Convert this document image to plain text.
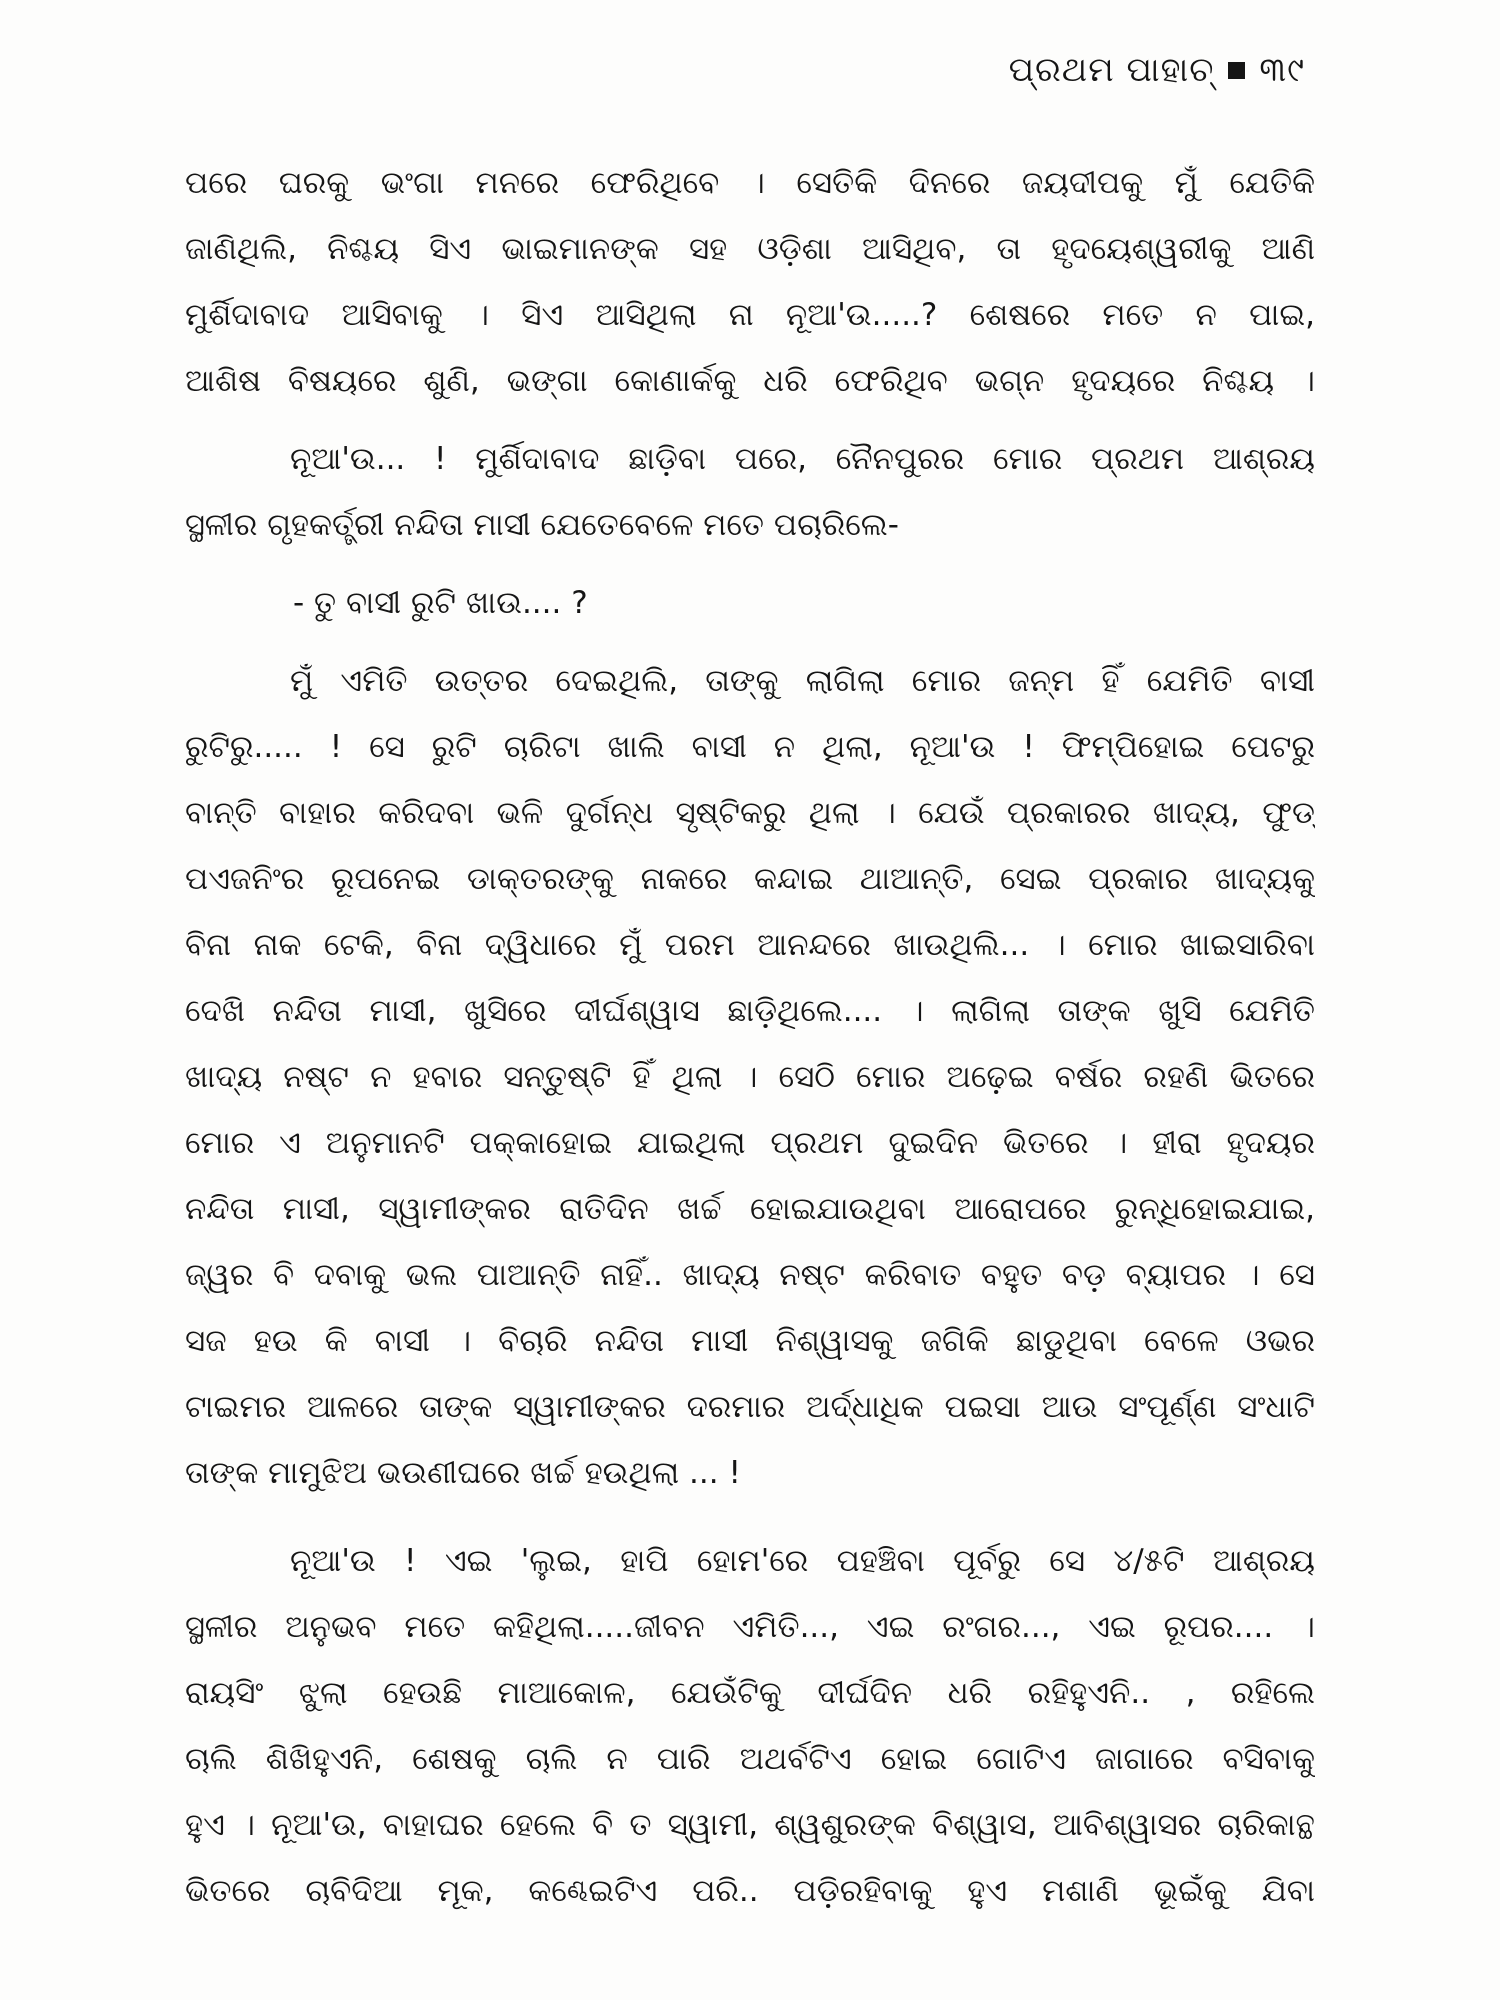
ପ୍ରଥମ ପାହାଚ୍ ୩୯
ପରେ ଘରକୁ ଭଂଗା ମନରେ ଫେରିଥିବେ । ସେତିକି ଦିନରେ ଜୟଦୀପକୁ ମୁଁ ଯେତିକି
ଜାଣିଥିଲି, ନିଶ୍ଚୟ ସିଏ ଭାଇମାନଙ୍କ ସହ ଓଡ଼ିଶା ଆସିଥିବ, ତା ହୃଦୟେଶ୍ୱରୀକୁ ଆଣି
ମୁର୍ଶିଦାବାଦ ଆସିବାକୁ । ସିଏ ଆସିଥିଲା ନା ନୂଆ'ଉ.....? ଶେଷରେ ମତେ ନ ପାଇ,
ଆଶିଷ ବିଷୟରେ ଶୁଣି, ଭଙ୍ଗା କୋଣାର୍କକୁ ଧରି ଫେରିଥିବ ଭଗ୍ନ ହୃଦୟରେ ନିଶ୍ଚୟ ।
ନୂଆ'ଉ... ! ମୁର୍ଶିଦାବାଦ ଛାଡ଼ିବା ପରେ, ନୈନପୁରର ମୋର ପ୍ରଥମ ଆଶ୍ରୟ
ସ୍ଥଳୀର ଗୃହକର୍ତ୍ତ୍ରୀ ନନ୍ଦିତା ମାସୀ ଯେତେବେଳେ ମତେ ପଚାରିଲେ-
- ତୁ ବାସୀ ରୁଟି ଖାଉ.... ?
ମୁଁ ଏମିତି ଉତ୍ତର ଦେଇଥିଲି, ତାଙ୍କୁ ଲାଗିଲା ମୋର ଜନ୍ମ ହିଁ ଯେମିତି ବାସୀ
ରୁଟିରୁ..... ! ସେ ରୁଟି ଚାରିଟା ଖାଲି ବାସୀ ନ ଥିଲା, ନୂଆ'ଉ ! ଫିମ୍ପିହୋଇ ପେଟରୁ
ବାନ୍ତି ବାହାର କରିଦବା ଭଳି ଦୁର୍ଗନ୍ଧ ସୃଷ୍ଟିକରୁ ଥିଲା । ଯେଉଁ ପ୍ରକାରର ଖାଦ୍ୟ, ଫୁଡ୍
ପଏଜନିଂର ରୂପନେଇ ଡାକ୍ତରଙ୍କୁ ନାକରେ କନ୍ଦାଇ ଥାଆନ୍ତି, ସେଇ ପ୍ରକାର ଖାଦ୍ୟକୁ
ବିନା ନାକ ଟେକି, ବିନା ଦ୍ୱିଧାରେ ମୁଁ ପରମ ଆନନ୍ଦରେ ଖାଉଥିଲି... । ମୋର ଖାଇସାରିବା
ଦେଖି ନନ୍ଦିତା ମାସୀ, ଖୁସିରେ ଦୀର୍ଘଶ୍ୱାସ ଛାଡ଼ିଥିଲେ.... । ଲାଗିଲା ତାଙ୍କ ଖୁସି ଯେମିତି
ଖାଦ୍ୟ ନଷ୍ଟ ନ ହବାର ସନ୍ତୁଷ୍ଟି ହିଁ ଥିଲା । ସେଠି ମୋର ଅଢ଼େଇ ବର୍ଷର ରହଣି ଭିତରେ
ମୋର ଏ ଅନୁମାନଟି ପକ୍କାହୋଇ ଯାଇଥିଲା ପ୍ରଥମ ଦୁଇଦିନ ଭିତରେ । ହୀରା ହୃଦୟର
ନନ୍ଦିତା ମାସୀ, ସ୍ୱାମୀଙ୍କର ରାତିଦିନ ଖର୍ଚ୍ଚ ହୋଇଯାଉଥିବା ଆରୋପରେ ରୁନ୍ଧିହୋଇଯାଇ,
ଜ୍ୱର ବି ଦବାକୁ ଭଲ ପାଆନ୍ତି ନାହିଁ.. ଖାଦ୍ୟ ନଷ୍ଟ କରିବାତ ବହୁତ ବଡ଼ ବ୍ୟାପର । ସେ
ସଜ ହଉ କି ବାସୀ । ବିଚାରି ନନ୍ଦିତା ମାସୀ ନିଶ୍ୱାସକୁ ଜଗିକି ଛାଡୁଥିବା ବେଳେ ଓଭର
ଟାଇମର ଆଳରେ ତାଙ୍କ ସ୍ୱାମୀଙ୍କର ଦରମାର ଅର୍ଦ୍ଧାଧିକ ପଇସା ଆଉ ସଂପୂର୍ଣ୍ଣ ସଂଧାଟି
ତାଙ୍କ ମାମୁଝିଅ ଭଉଣୀଘରେ ଖର୍ଚ୍ଚ ହଉଥିଲା ... !
ନୂଆ'ଉ ! ଏଇ 'ଲୁଇ, ହାପି ହୋମ'ରେ ପହଞ୍ଚିବା ପୂର୍ବରୁ ସେ ୪/୫ଟି ଆଶ୍ରୟ
ସ୍ଥଳୀର ଅନୁଭବ ମତେ କହିଥିଲା.....ଜୀବନ ଏମିତି..., ଏଇ ରଂଗର..., ଏଇ ରୂପର.... ।
ରାୟସିଂ ଝୁଲା ହେଉଛି ମାଆକୋଳ, ଯେଉଁଟିକୁ ଦୀର୍ଘଦିନ ଧରି ରହିହୁଏନି.. , ରହିଲେ
ଚାଲି ଶିଖିହୁଏନି, ଶେଷକୁ ଚାଲି ନ ପାରି ଅଥର୍ବଟିଏ ହୋଇ ଗୋଟିଏ ଜାଗାରେ ବସିବାକୁ
ହୁଏ । ନୂଆ'ଉ, ବାହାଘର ହେଲେ ବି ତ ସ୍ୱାମୀ, ଶ୍ୱଶୁରଙ୍କ ବିଶ୍ୱାସ, ଆବିଶ୍ୱାସର ଚାରିକାନ୍ଥ
ଭିତରେ ଚାବିଦିଆ ମୂକ, କଣ୍ଢେଇଟିଏ ପରି.. ପଡ଼ିରହିବାକୁ ହୁଏ ମଶାଣି ଭୂଇଁକୁ ଯିବା
